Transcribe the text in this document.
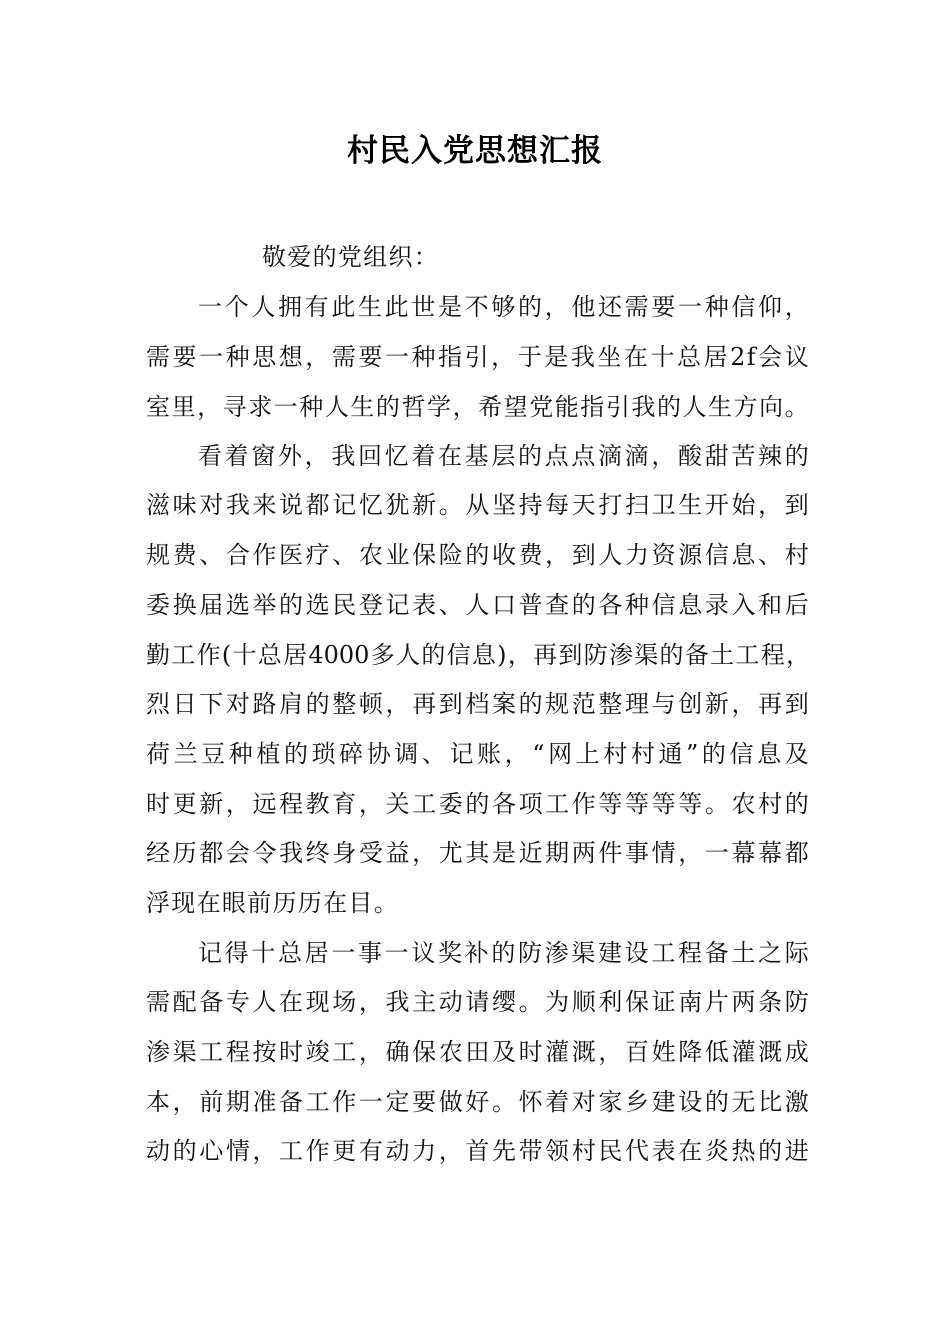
村民入党思想汇报
敬爱的党组织：
一个人拥有此生此世是不够的，他还需要一种信仰，
需要一种思想，需要一种指引，于是我坐在十总居2f会议
室里，寻求一种人生的哲学，希望党能指引我的人生方向。
看着窗外，我回忆着在基层的点点滴滴，酸甜苦辣的
滋味对我来说都记忆犹新。从坚持每天打扫卫生开始，到
规费、合作医疗、农业保险的收费，到人力资源信息、村
委换届选举的选民登记表、人口普查的各种信息录入和后
勤工作(十总居4000多人的信息)，再到防渗渠的备土工程，
烈日下对路肩的整顿，再到档案的规范整理与创新，再到
荷兰豆种植的琐碎协调、记账，“网上村村通”的信息及
时更新，远程教育，关工委的各项工作等等等等。农村的
经历都会令我终身受益，尤其是近期两件事情，一幕幕都
浮现在眼前历历在目。
记得十总居一事一议奖补的防渗渠建设工程备土之际
需配备专人在现场，我主动请缨。为顺利保证南片两条防
渗渠工程按时竣工，确保农田及时灌溉，百姓降低灌溉成
本，前期准备工作一定要做好。怀着对家乡建设的无比激
动的心情，工作更有动力，首先带领村民代表在炎热的进
